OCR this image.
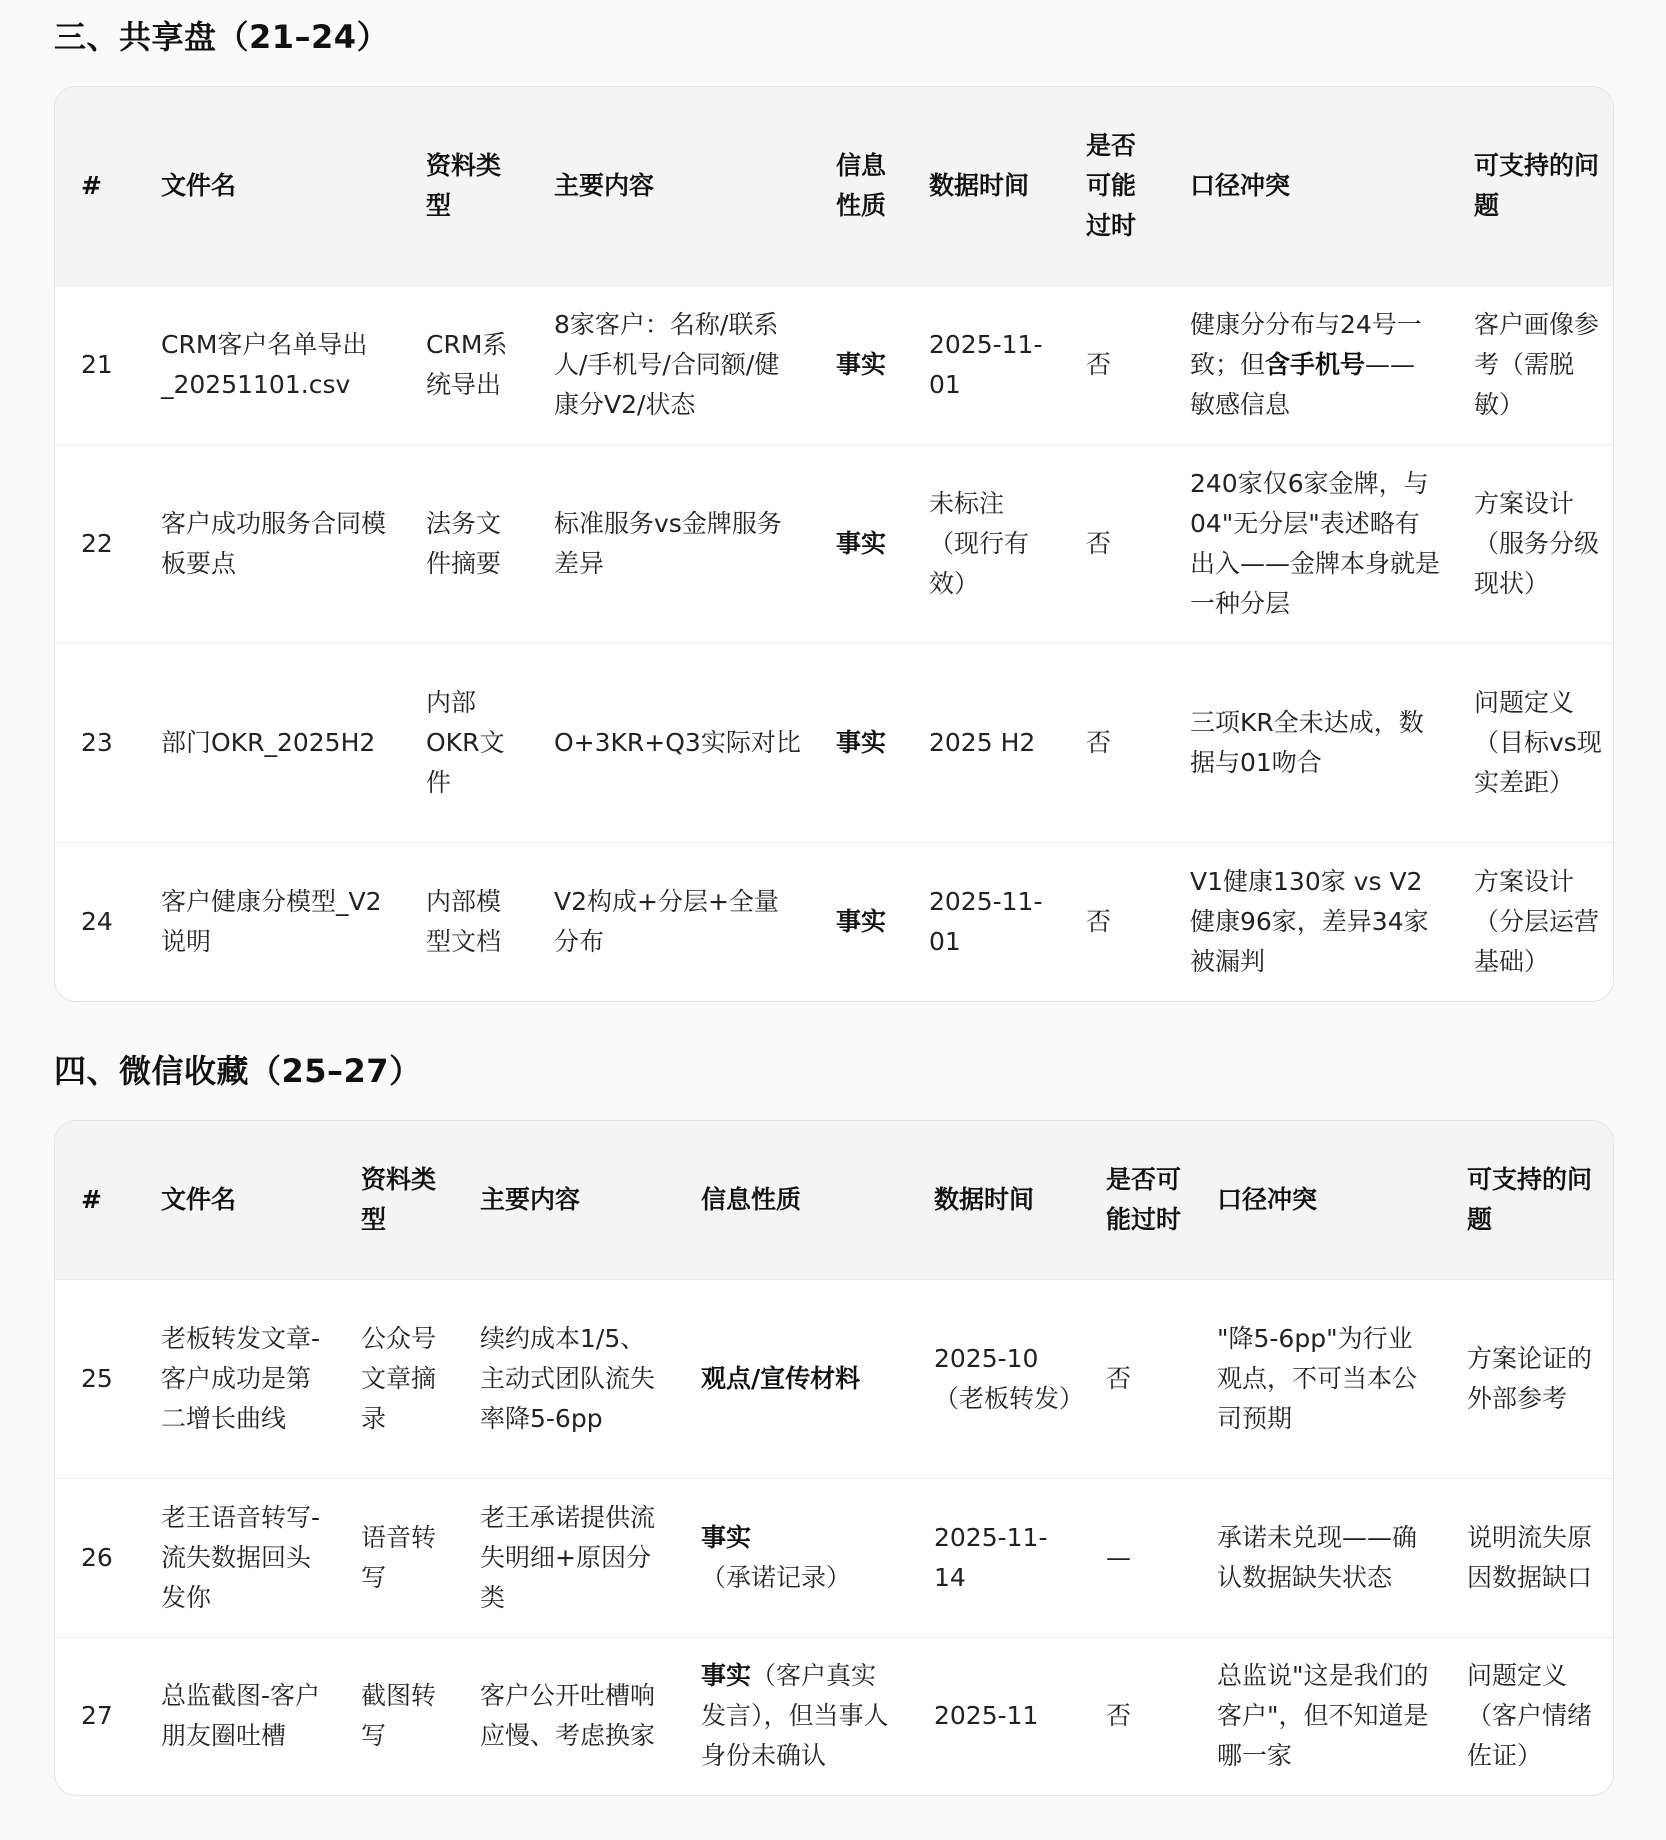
三、共享盘（21–24）
#	文件名	资料类型	主要内容	信息性质	数据时间	是否可能过时	口径冲突	可支持的问题
21	CRM客户名单导出_20251101.csv	CRM系统导出	8家客户：名称/联系人/手机号/合同额/健康分V2/状态	事实	2025-11-01	否	健康分分布与24号一致；但含手机号——敏感信息	客户画像参考（需脱敏）
22	客户成功服务合同模板要点	法务文件摘要	标准服务vs金牌服务差异	事实	未标注（现行有效）	否	240家仅6家金牌，与04"无分层"表述略有出入——金牌本身就是一种分层	方案设计（服务分级现状）
23	部门OKR_2025H2	内部OKR文件	O+3KR+Q3实际对比	事实	2025 H2	否	三项KR全未达成，数据与01吻合	问题定义（目标vs现实差距）
24	客户健康分模型_V2说明	内部模型文档	V2构成+分层+全量分布	事实	2025-11-01	否	V1健康130家 vs V2健康96家，差异34家被漏判	方案设计（分层运营基础）
四、微信收藏（25–27）
#	文件名	资料类型	主要内容	信息性质	数据时间	是否可能过时	口径冲突	可支持的问题
25	老板转发文章-客户成功是第二增长曲线	公众号文章摘录	续约成本1/5、主动式团队流失率降5-6pp	观点/宣传材料	2025-10（老板转发）	否	"降5-6pp"为行业观点，不可当本公司预期	方案论证的外部参考
26	老王语音转写-流失数据回头发你	语音转写	老王承诺提供流失明细+原因分类	事实（承诺记录）	2025-11-14	—	承诺未兑现——确认数据缺失状态	说明流失原因数据缺口
27	总监截图-客户朋友圈吐槽	截图转写	客户公开吐槽响应慢、考虑换家	事实（客户真实发言），但当事人身份未确认	2025-11	否	总监说"这是我们的客户"，但不知道是哪一家	问题定义（客户情绪佐证）
